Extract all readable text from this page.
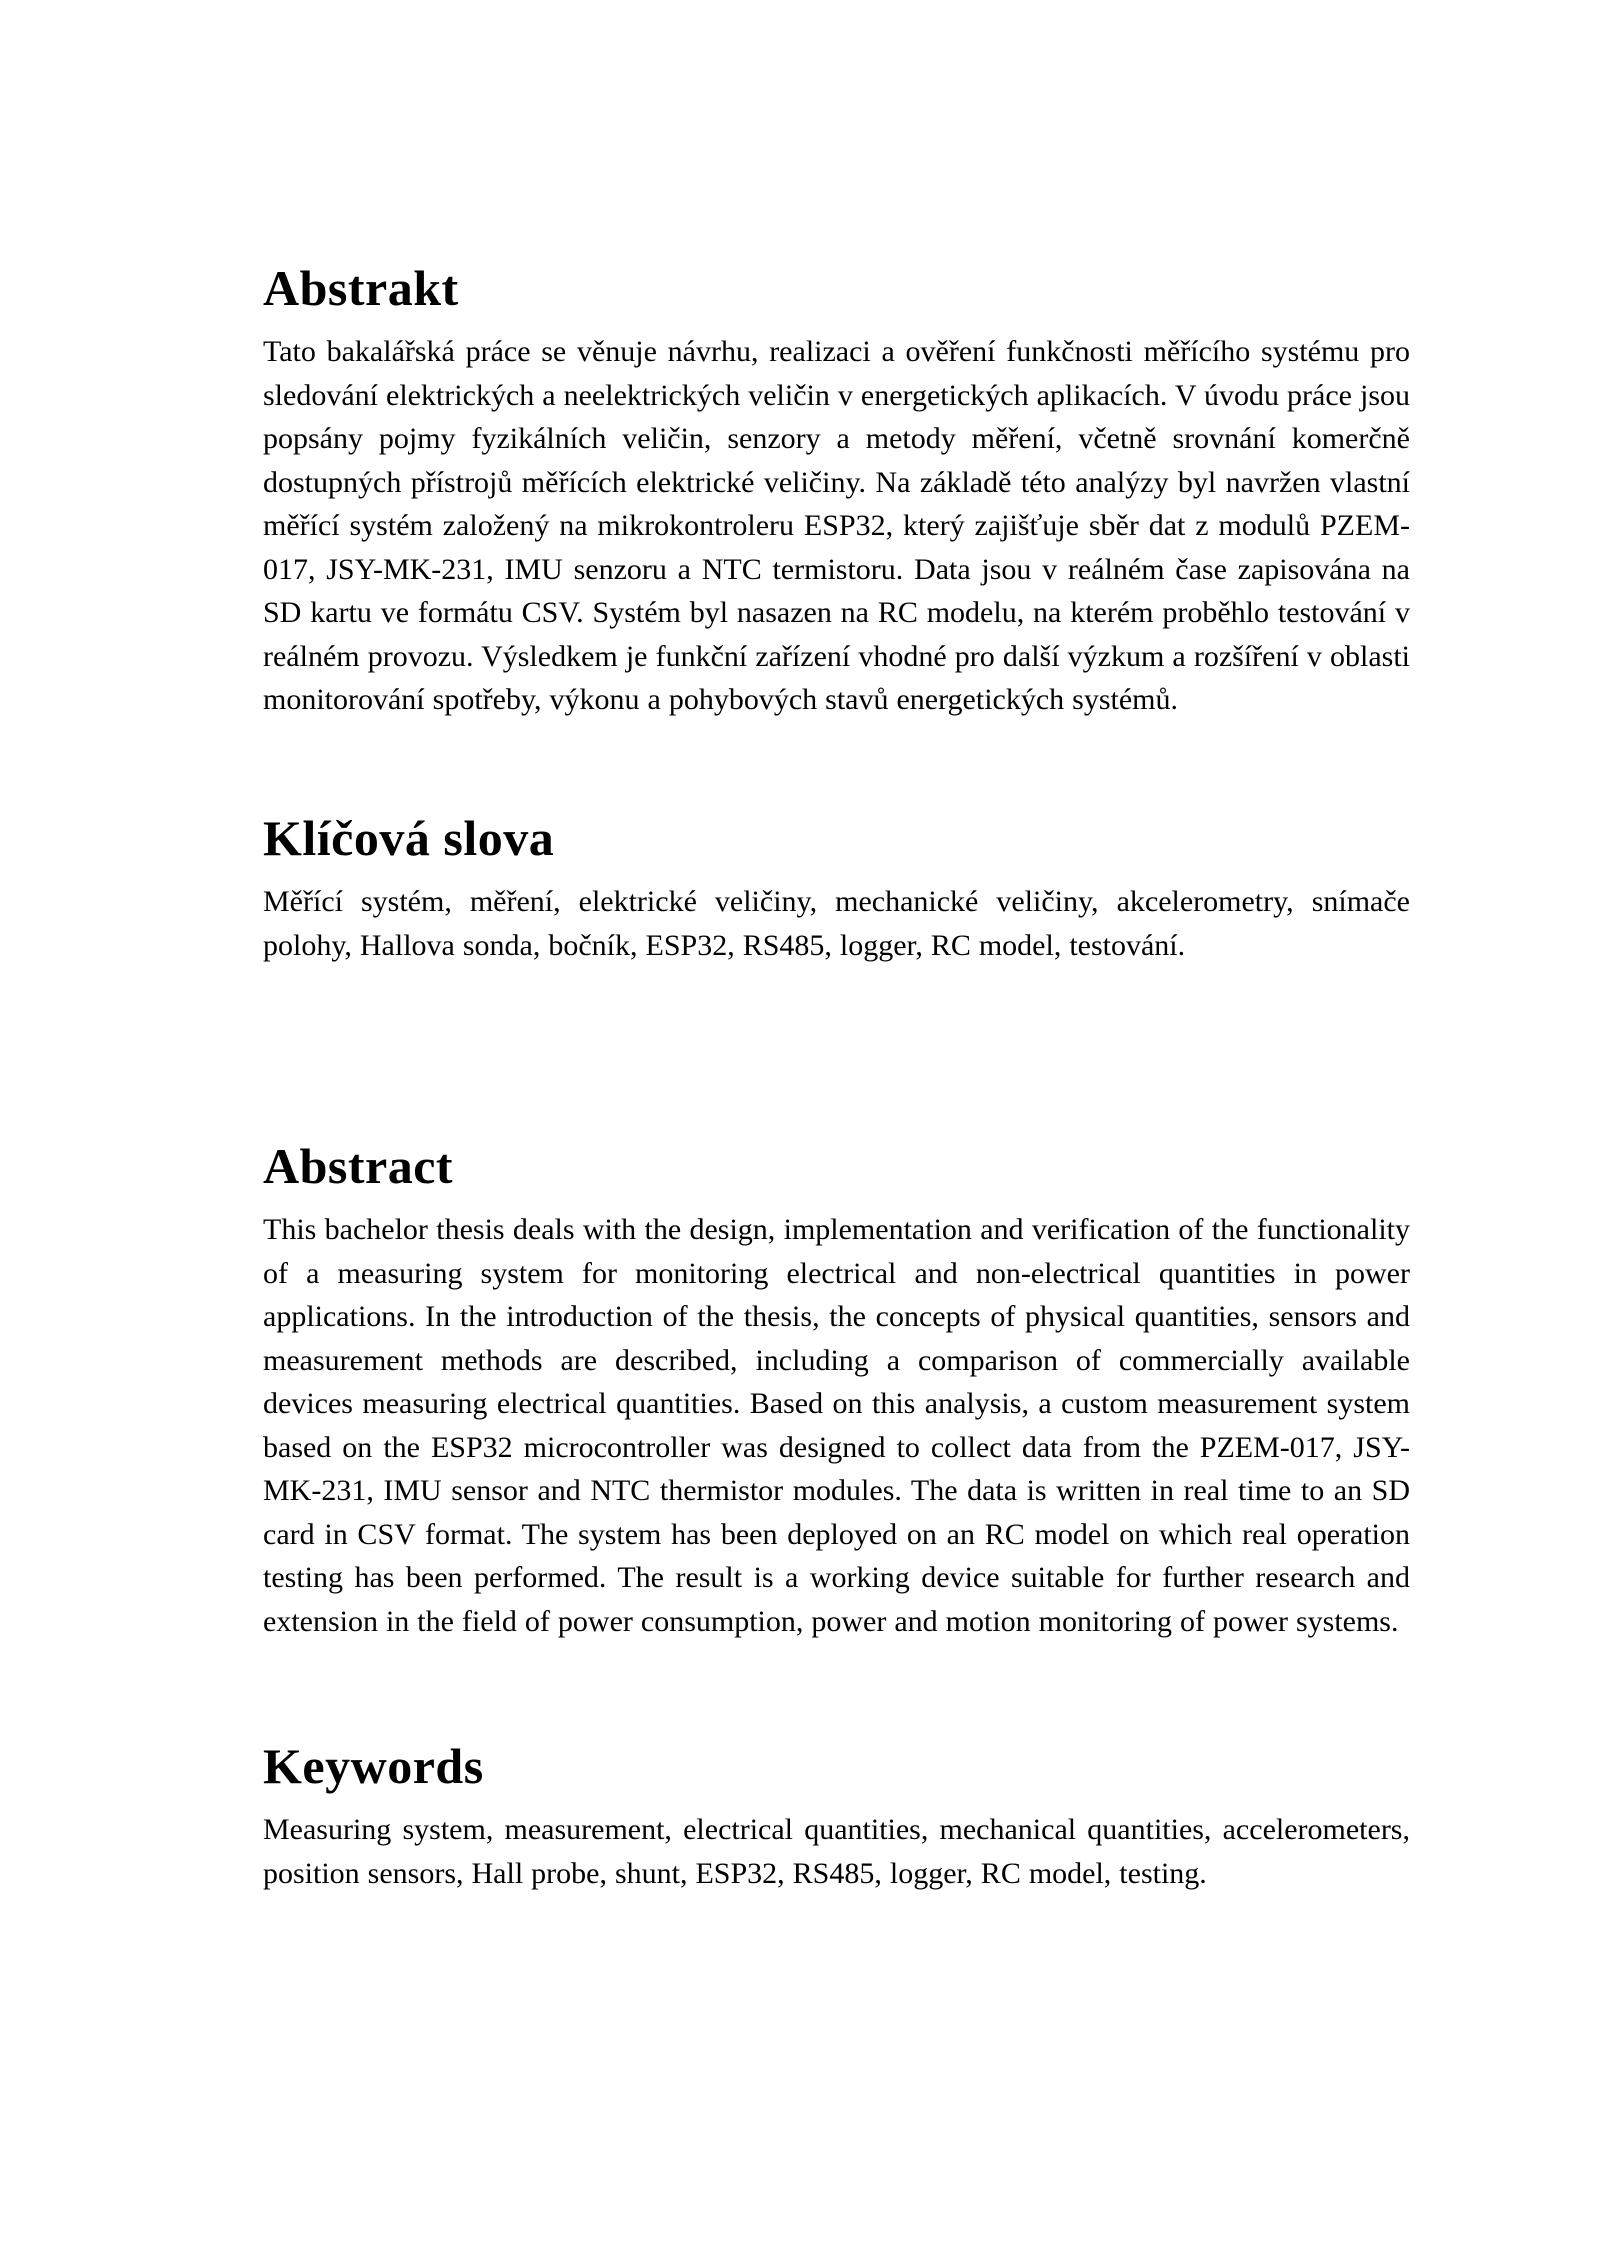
Abstrakt

Tato bakalářská práce se věnuje návrhu, realizaci a ověření funkčnosti měřícího systému pro sledování elektrických a neelektrických veličin v energetických aplikacích. V úvodu práce jsou popsány pojmy fyzikálních veličin, senzory a metody měření, včetně srovnání komerčně dostupných přístrojů měřících elektrické veličiny. Na základě této analýzy byl navržen vlastní měřící systém založený na mikrokontroleru ESP32, který zajišťuje sběr dat z modulů PZEM-017, JSY-MK-231, IMU senzoru a NTC termistoru. Data jsou v reálném čase zapisována na SD kartu ve formátu CSV. Systém byl nasazen na RC modelu, na kterém proběhlo testování v reálném provozu. Výsledkem je funkční zařízení vhodné pro další výzkum a rozšíření v oblasti monitorování spotřeby, výkonu a pohybových stavů energetických systémů.

Klíčová slova

Měřící systém, měření, elektrické veličiny, mechanické veličiny, akcelerometry, snímače polohy, Hallova sonda, bočník, ESP32, RS485, logger, RC model, testování.

Abstract

This bachelor thesis deals with the design, implementation and verification of the functionality of a measuring system for monitoring electrical and non-electrical quantities in power applications. In the introduction of the thesis, the concepts of physical quantities, sensors and measurement methods are described, including a comparison of commercially available devices measuring electrical quantities. Based on this analysis, a custom measurement system based on the ESP32 microcontroller was designed to collect data from the PZEM-017, JSY-MK-231, IMU sensor and NTC thermistor modules. The data is written in real time to an SD card in CSV format. The system has been deployed on an RC model on which real operation testing has been performed. The result is a working device suitable for further research and extension in the field of power consumption, power and motion monitoring of power systems.

Keywords

Measuring system, measurement, electrical quantities, mechanical quantities, accelerometers, position sensors, Hall probe, shunt, ESP32, RS485, logger, RC model, testing.
